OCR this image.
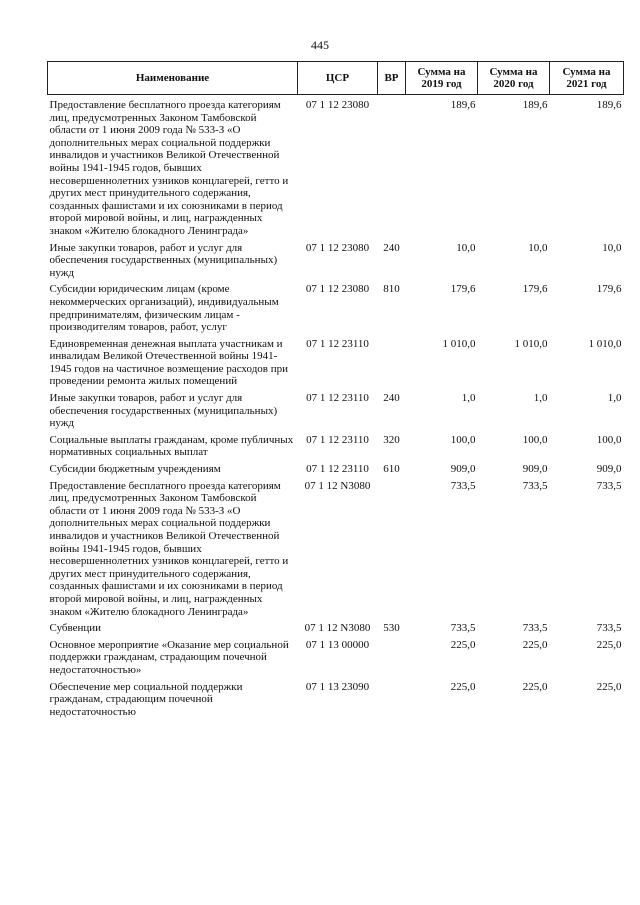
445
Наименование	ЦСР	ВР	Сумма на 2019 год	Сумма на 2020 год	Сумма на 2021 год
Предоставление бесплатного проезда категориям лиц, предусмотренных Законом Тамбовской области от 1 июня 2009 года № 533-З «О дополнительных мерах социальной поддержки инвалидов и участников Великой Отечественной войны 1941-1945 годов, бывших несовершеннолетних узников концлагерей, гетто и других мест принудительного содержания, созданных фашистами и их союзниками в период второй мировой войны, и лиц, награжденных знаком «Жителю блокадного Ленинграда»	07 1 12 23080		189,6	189,6	189,6
Иные закупки товаров, работ и услуг для обеспечения государственных (муниципальных) нужд	07 1 12 23080	240	10,0	10,0	10,0
Субсидии юридическим лицам (кроме некоммерческих организаций), индивидуальным предпринимателям, физическим лицам - производителям товаров, работ, услуг	07 1 12 23080	810	179,6	179,6	179,6
Единовременная денежная выплата участникам и инвалидам Великой Отечественной войны 1941-1945 годов на частичное возмещение расходов при проведении ремонта жилых помещений	07 1 12 23110		1 010,0	1 010,0	1 010,0
Иные закупки товаров, работ и услуг для обеспечения государственных (муниципальных) нужд	07 1 12 23110	240	1,0	1,0	1,0
Социальные выплаты гражданам, кроме публичных нормативных социальных выплат	07 1 12 23110	320	100,0	100,0	100,0
Субсидии бюджетным учреждениям	07 1 12 23110	610	909,0	909,0	909,0
Предоставление бесплатного проезда категориям лиц, предусмотренных Законом Тамбовской области от 1 июня 2009 года № 533-З «О дополнительных мерах социальной поддержки инвалидов и участников Великой Отечественной войны 1941-1945 годов, бывших несовершеннолетних узников концлагерей, гетто и других мест принудительного содержания, созданных фашистами и их союзниками в период второй мировой войны, и лиц, награжденных знаком «Жителю блокадного Ленинграда»	07 1 12 N3080		733,5	733,5	733,5
Субвенции	07 1 12 N3080	530	733,5	733,5	733,5
Основное мероприятие «Оказание мер социальной поддержки гражданам, страдающим почечной недостаточностью»	07 1 13 00000		225,0	225,0	225,0
Обеспечение мер социальной поддержки гражданам, страдающим почечной недостаточностью	07 1 13 23090		225,0	225,0	225,0
